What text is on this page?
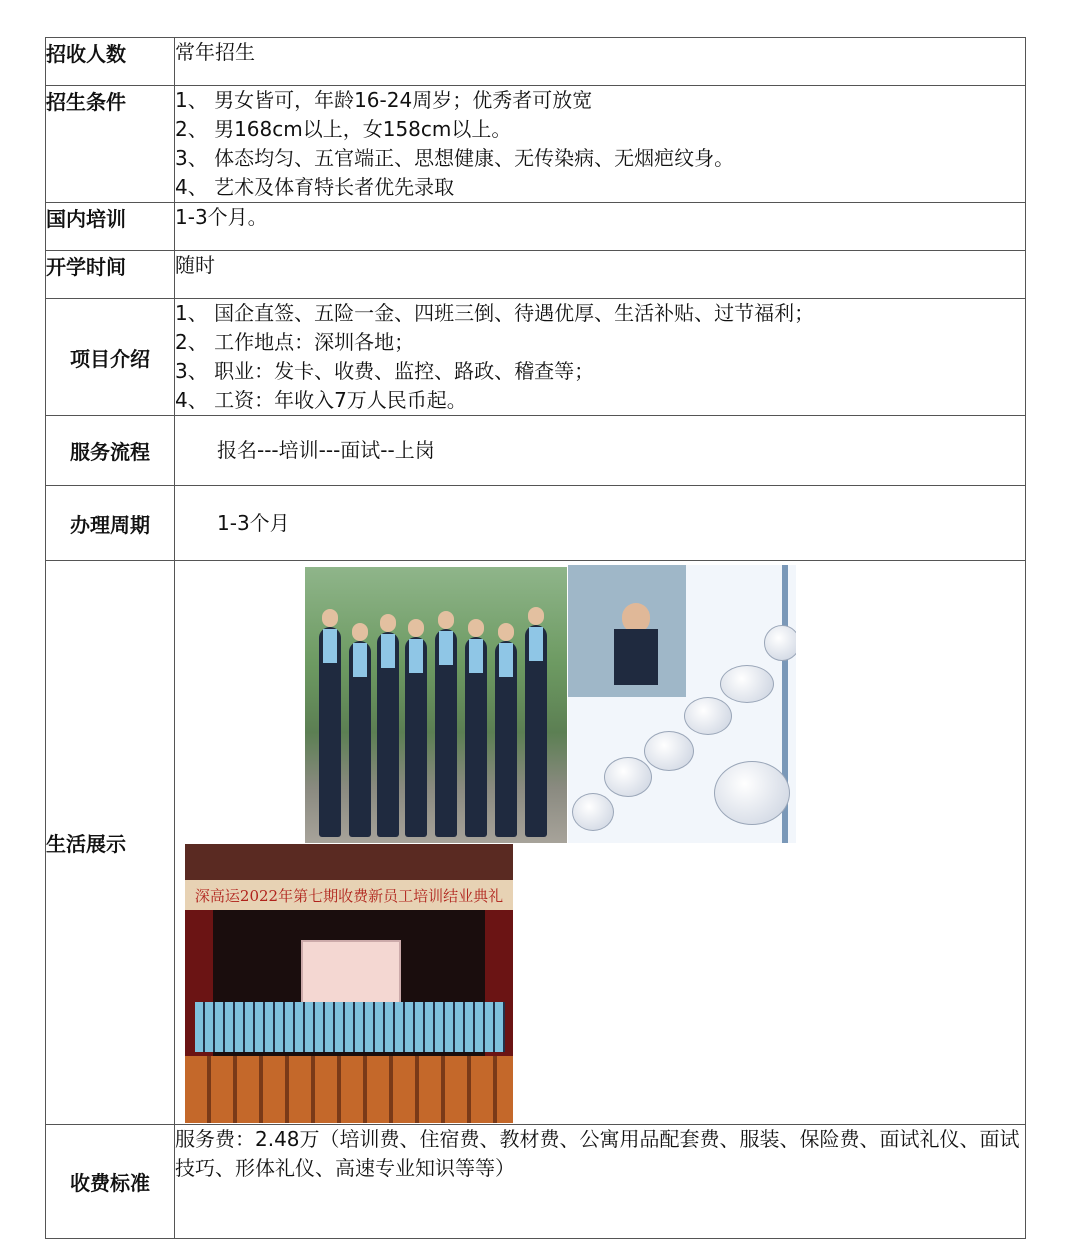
招收人数	常年招生
招生条件	1、 男女皆可，年龄16-24周岁；优秀者可放宽
2、 男168cm以上，女158cm以上。
3、 体态均匀、五官端正、思想健康、无传染病、无烟疤纹身。
4、 艺术及体育特长者优先录取

国内培训	1-3个月。
开学时间	随时
项目介绍	1、 国企直签、五险一金、四班三倒、待遇优厚、生活补贴、过节福利；
2、 工作地点：深圳各地；
3、 职业：发卡、收费、监控、路政、稽查等；
4、 工资：年收入7万人民币起。

服务流程	报名---培训---面试--上岗
办理周期	1-3个月
生活展示	深高运2022年第七期收费新员工培训结业典礼

收费标准	服务费：2.48万（培训费、住宿费、教材费、公寓用品配套费、服装、保险费、面试礼仪、面试技巧、形体礼仪、高速专业知识等等）
